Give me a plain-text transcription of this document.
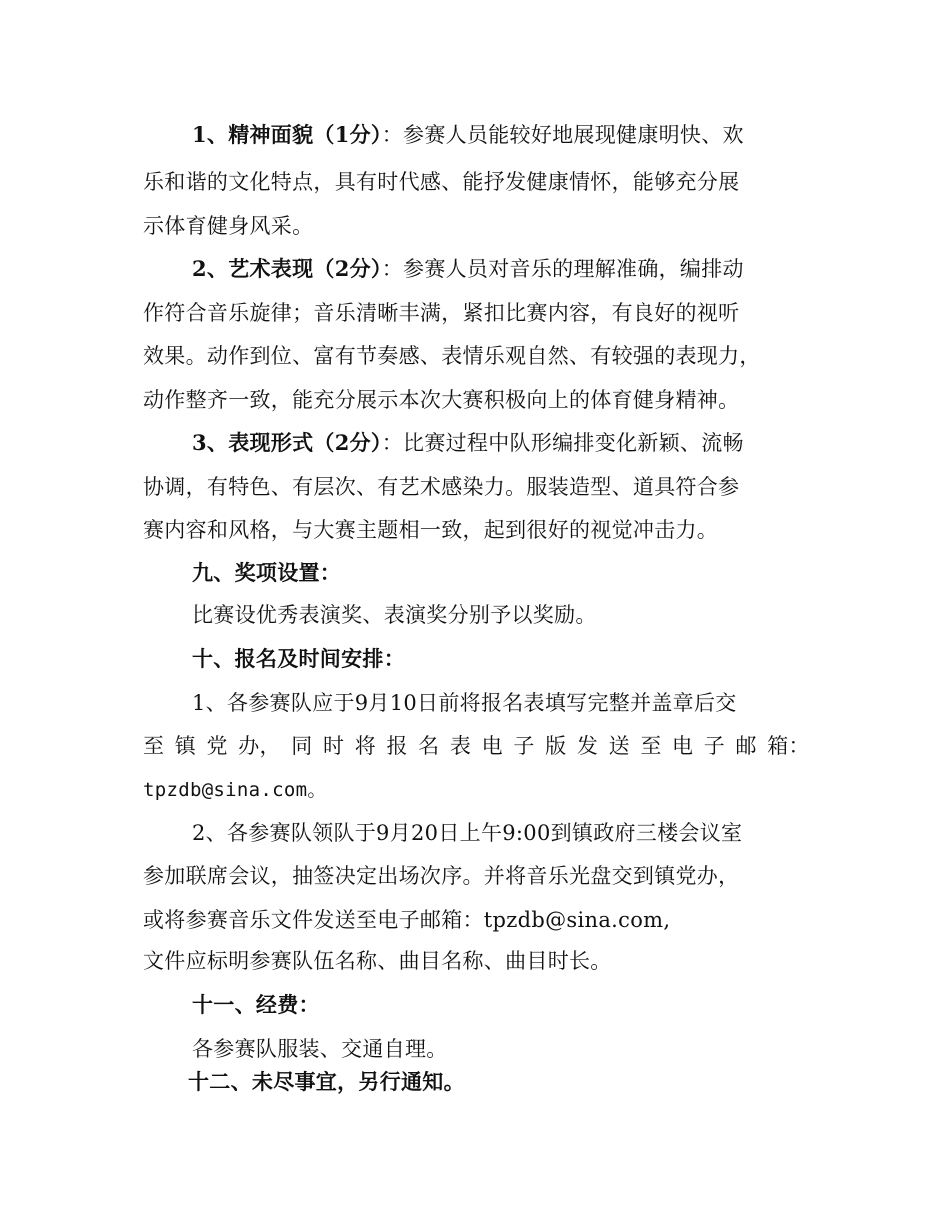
1、精神面貌（1分）：参赛人员能较好地展现健康明快、欢
乐和谐的文化特点，具有时代感、能抒发健康情怀，能够充分展
示体育健身风采。
2、艺术表现（2分）：参赛人员对音乐的理解准确，编排动
作符合音乐旋律；音乐清晰丰满，紧扣比赛内容，有良好的视听
效果。动作到位、富有节奏感、表情乐观自然、有较强的表现力，
动作整齐一致，能充分展示本次大赛积极向上的体育健身精神。
3、表现形式（2分）：比赛过程中队形编排变化新颖、流畅
协调，有特色、有层次、有艺术感染力。服装造型、道具符合参
赛内容和风格，与大赛主题相一致，起到很好的视觉冲击力。
九、奖项设置：
比赛设优秀表演奖、表演奖分别予以奖励。
十、报名及时间安排：
1、各参赛队应于9月10日前将报名表填写完整并盖章后交
至 镇 党 办， 同 时 将 报 名 表 电 子 版 发 送 至 电 子 邮 箱：
tpzdb@sina.com。
2、各参赛队领队于9月20日上午9:00到镇政府三楼会议室
参加联席会议，抽签决定出场次序。并将音乐光盘交到镇党办，
或将参赛音乐文件发送至电子邮箱：tpzdb@sina.com,
文件应标明参赛队伍名称、曲目名称、曲目时长。
十一、经费：
各参赛队服装、交通自理。
十二、未尽事宜，另行通知。
